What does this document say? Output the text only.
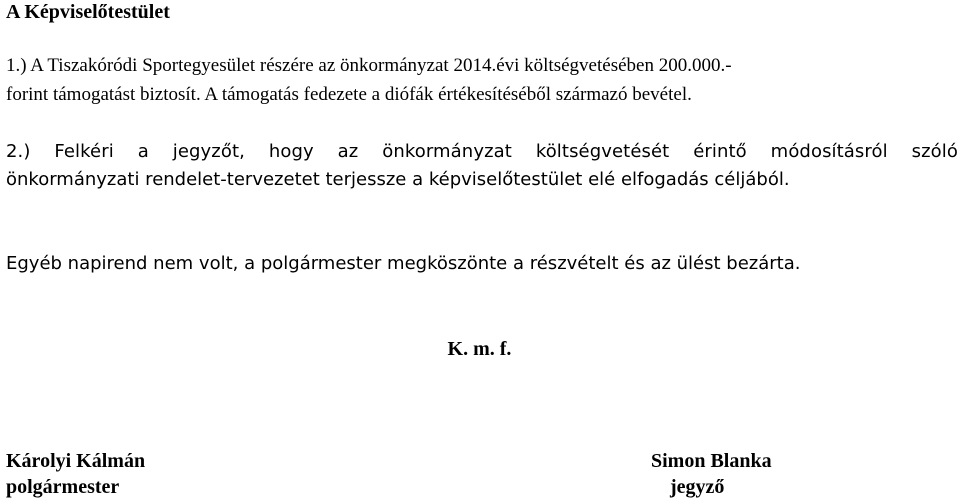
A Képviselőtestület
1.) A Tiszakóródi Sportegyesület részére az önkormányzat 2014.évi költségvetésében 200.000.-
forint támogatást biztosít. A támogatás fedezete a diófák értékesítéséből származó bevétel.
2.) Felkéri a jegyzőt, hogy az önkormányzat költségvetését érintő módosításról szóló
önkormányzati rendelet-tervezetet terjessze a képviselőtestület elé elfogadás céljából.
Egyéb napirend nem volt, a polgármester megköszönte a részvételt és az ülést bezárta.
K. m. f.
Károlyi Kálmán
polgármester
Simon Blanka
jegyző
